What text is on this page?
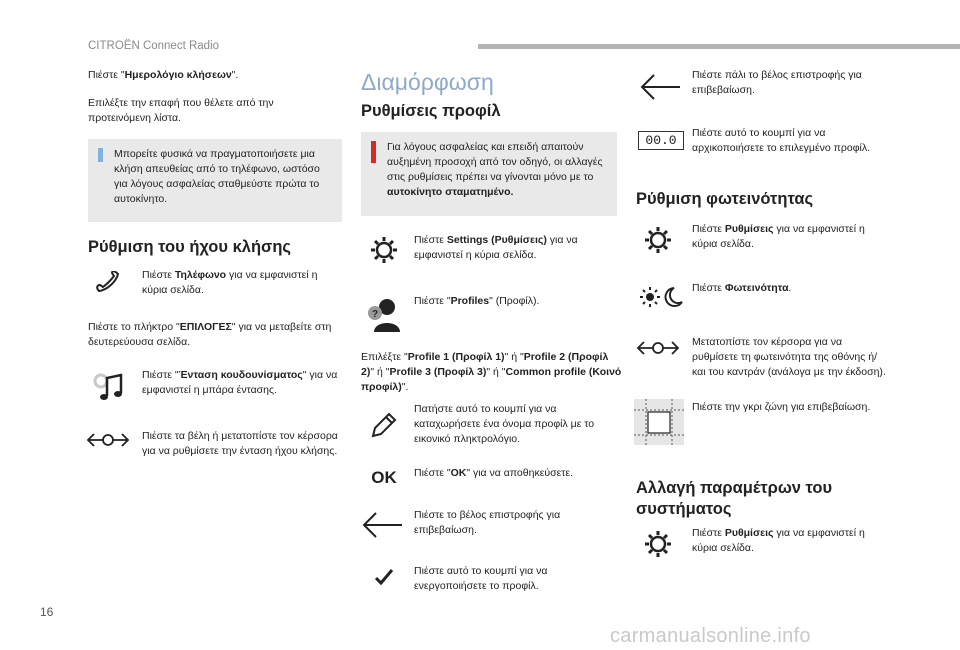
CITROËN Connect Radio
16
carmanualsonline.info

Πιέστε "Ημερολόγιο κλήσεων".

Επιλέξτε την επαφή που θέλετε από την προτεινόμενη λίστα.

Μπορείτε φυσικά να πραγματοποιήσετε μια κλήση απευθείας από το τηλέφωνο, ωστόσο για λόγους ασφαλείας σταθμεύστε πρώτα το αυτοκίνητο.

Ρύθμιση του ήχου κλήσης

Πιέστε Τηλέφωνο για να εμφανιστεί η κύρια σελίδα.

Πιέστε το πλήκτρο "ΕΠΙΛΟΓΕΣ" για να μεταβείτε στη δευτερεύουσα σελίδα.

Πιέστε "Ένταση κουδουνίσματος" για να εμφανιστεί η μπάρα έντασης.

Πιέστε τα βέλη ή μετατοπίστε τον κέρσορα για να ρυθμίσετε την ένταση ήχου κλήσης.

Διαμόρφωση
Ρυθμίσεις προφίλ

Για λόγους ασφαλείας και επειδή απαιτούν αυξημένη προσοχή από τον οδηγό, οι αλλαγές στις ρυθμίσεις πρέπει να γίνονται μόνο με το αυτοκίνητο σταματημένο.

Πιέστε Settings (Ρυθμίσεις) για να εμφανιστεί η κύρια σελίδα.

?

Πιέστε "Profiles" (Προφίλ).

Επιλέξτε "Profile 1 (Προφίλ 1)" ή "Profile 2 (Προφίλ 2)" ή "Profile 3 (Προφίλ 3)" ή "Common profile (Κοινό προφίλ)".

Πατήστε αυτό το κουμπί για να καταχωρήσετε ένα όνομα προφίλ με το εικονικό πληκτρολόγιο.

OK Πιέστε "OK" για να αποθηκεύσετε.

Πιέστε το βέλος επιστροφής για επιβεβαίωση.

Πιέστε αυτό το κουμπί για να ενεργοποιήσετε το προφίλ.

Πιέστε πάλι το βέλος επιστροφής για επιβεβαίωση.

00.0	Πιέστε αυτό το κουμπί για να αρχικοποιήσετε το επιλεγμένο προφίλ.

Ρύθμιση φωτεινότητας

Πιέστε Ρυθμίσεις για να εμφανιστεί η κύρια σελίδα.

Πιέστε Φωτεινότητα.

Μετατοπίστε τον κέρσορα για να ρυθμίσετε τη φωτεινότητα της οθόνης ή/και του καντράν (ανάλογα με την έκδοση).

Πιέστε την γκρι ζώνη για επιβεβαίωση.

Αλλαγή παραμέτρων του συστήματος

Πιέστε Ρυθμίσεις για να εμφανιστεί η κύρια σελίδα.
